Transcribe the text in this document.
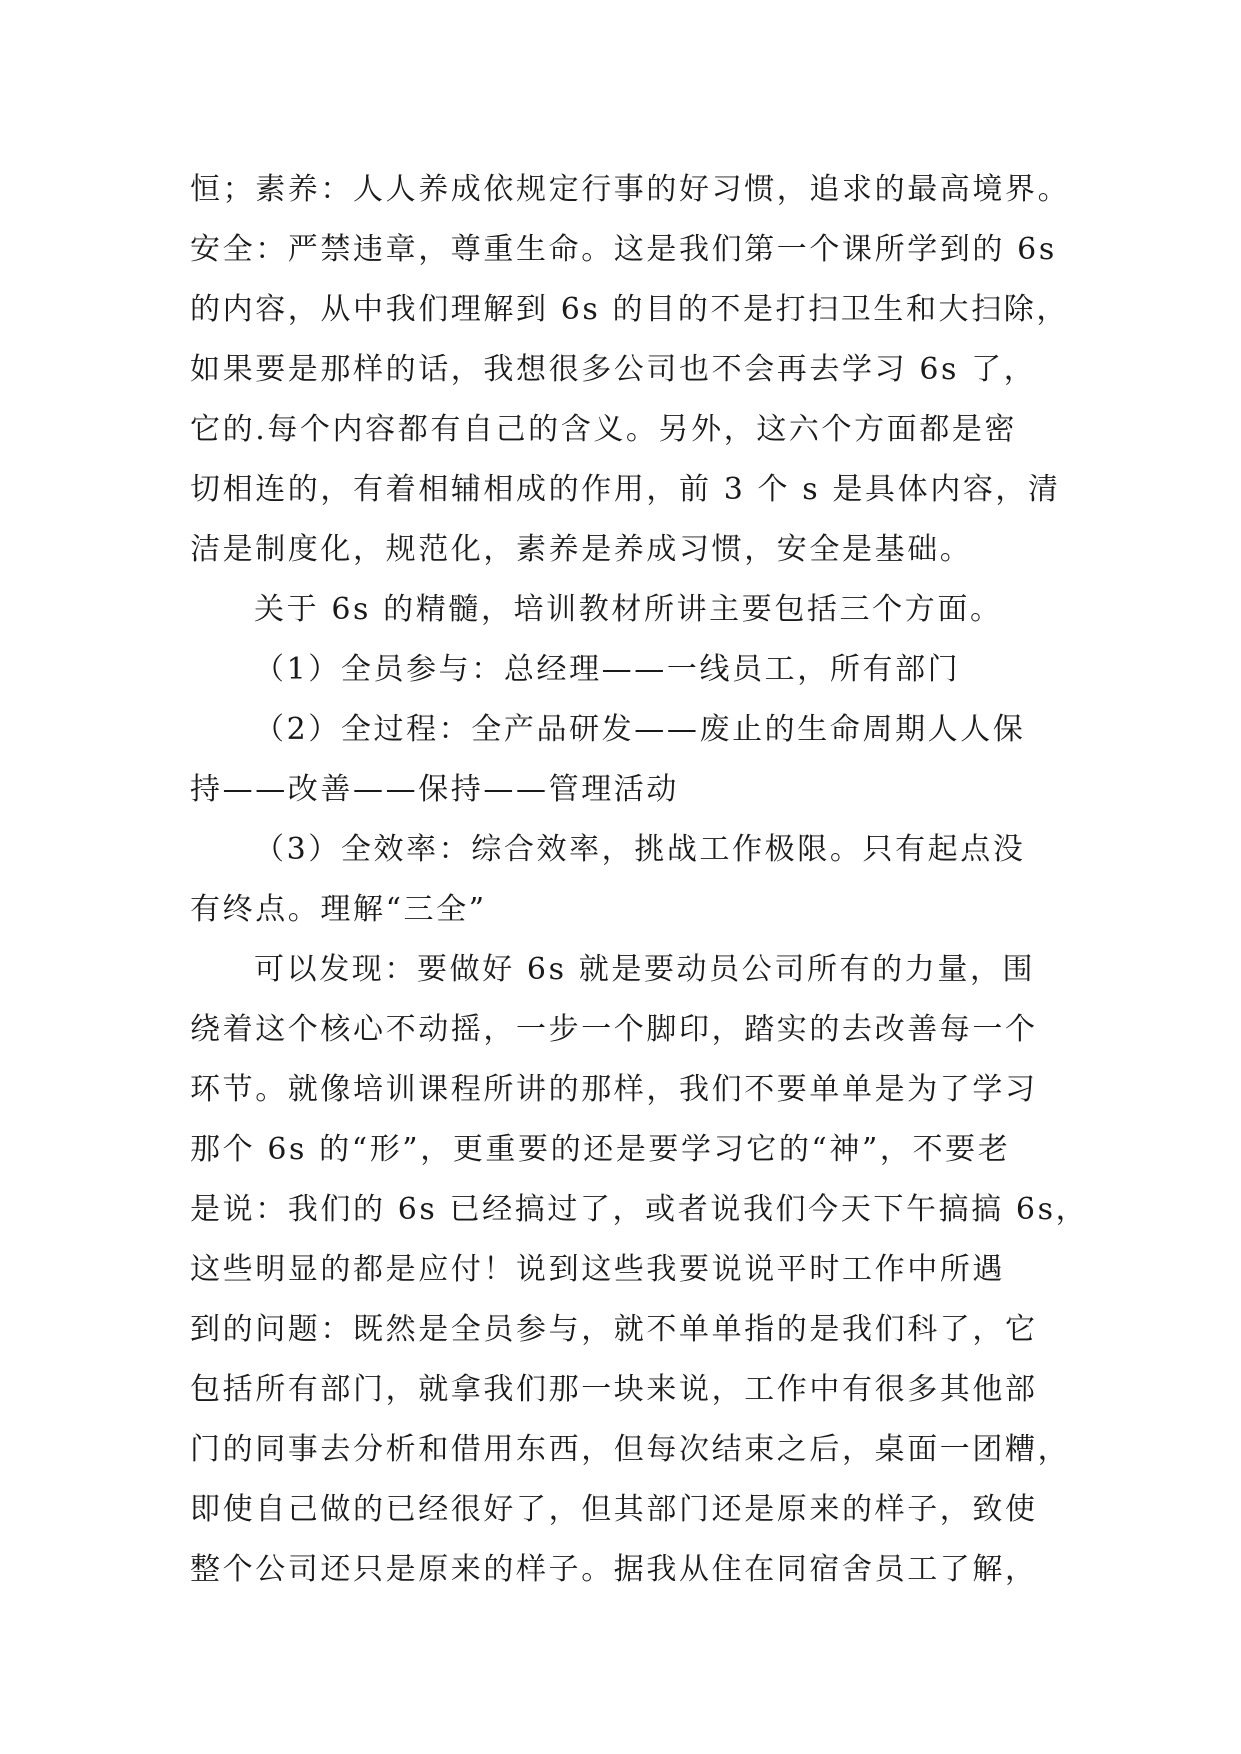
恒；素养：人人养成依规定行事的好习惯，追求的最高境界。
安全：严禁违章，尊重生命。这是我们第一个课所学到的 6s
的内容，从中我们理解到 6s 的目的不是打扫卫生和大扫除，
如果要是那样的话，我想很多公司也不会再去学习 6s 了，
它的.每个内容都有自己的含义。另外，这六个方面都是密
切相连的，有着相辅相成的作用，前 3 个 s 是具体内容，清
洁是制度化，规范化，素养是养成习惯，安全是基础。
关于 6s 的精髓，培训教材所讲主要包括三个方面。
（1）全员参与：总经理——一线员工，所有部门
（2）全过程：全产品研发——废止的生命周期人人保
持——改善——保持——管理活动
（3）全效率：综合效率，挑战工作极限。只有起点没
有终点。理解“三全”
可以发现：要做好 6s 就是要动员公司所有的力量，围
绕着这个核心不动摇，一步一个脚印，踏实的去改善每一个
环节。就像培训课程所讲的那样，我们不要单单是为了学习
那个 6s 的“形”，更重要的还是要学习它的“神”，不要老
是说：我们的 6s 已经搞过了，或者说我们今天下午搞搞 6s，
这些明显的都是应付！说到这些我要说说平时工作中所遇
到的问题：既然是全员参与，就不单单指的是我们科了，它
包括所有部门，就拿我们那一块来说，工作中有很多其他部
门的同事去分析和借用东西，但每次结束之后，桌面一团糟，
即使自己做的已经很好了，但其部门还是原来的样子，致使
整个公司还只是原来的样子。据我从住在同宿舍员工了解，
